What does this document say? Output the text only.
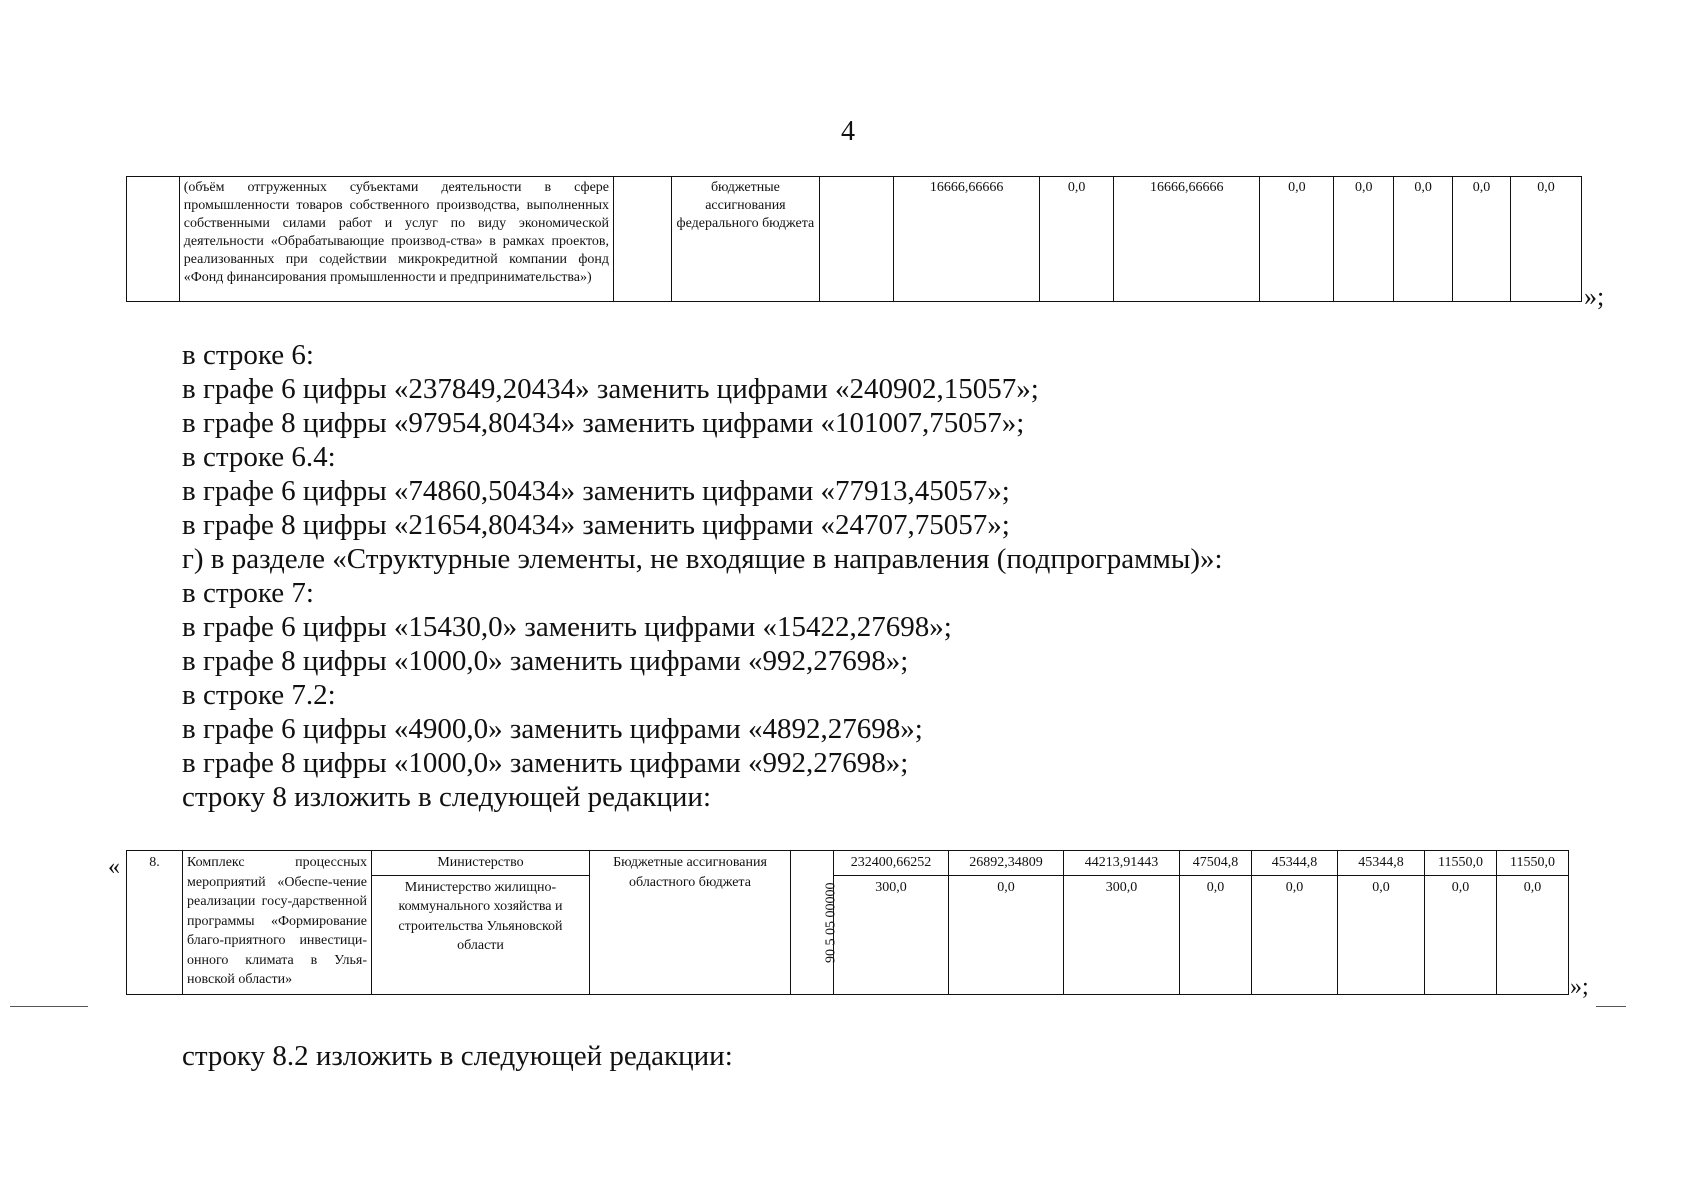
4
	(объём отгруженных субъектами деятельности в сфере промышленности товаров собственного производства, выполненных собственными силами работ и услуг по виду экономической деятельности «Обрабатывающие производ-ства» в рамках проектов, реализованных при содействии микрокредитной компании фонд «Фонд финансирования промышленности и предпринимательства»)		бюджетные ассигнования федерального бюджета		16666,66666	0,0	16666,66666	0,0	0,0	0,0	0,0	0,0
»;
в строке 6:
в графе 6 цифры «237849,20434» заменить цифрами «240902,15057»;
в графе 8 цифры «97954,80434» заменить цифрами «101007,75057»;
в строке 6.4:
в графе 6 цифры «74860,50434» заменить цифрами «77913,45057»;
в графе 8 цифры «21654,80434» заменить цифрами «24707,75057»;
г) в разделе «Структурные элементы, не входящие в направления (подпрограммы)»:
в строке 7:
в графе 6 цифры «15430,0» заменить цифрами «15422,27698»;
в графе 8 цифры «1000,0» заменить цифрами «992,27698»;
в строке 7.2:
в графе 6 цифры «4900,0» заменить цифрами «4892,27698»;
в графе 8 цифры «1000,0» заменить цифрами «992,27698»;
строку 8 изложить в следующей редакции:
« 8.	Комплекс процессных мероприятий «Обеспе-чение реализации госу-дарственной программы «Формирование благо-приятного инвестици-онного климата в Улья-новской области»	Министерство	Бюджетные ассигнования областного бюджета	90 5 05 00000	232400,66252	26892,34809	44213,91443	47504,8	45344,8	45344,8	11550,0	11550,0
		Министерство жилищно-коммунального хозяйства и строительства Ульяновской области			300,0	0,0	300,0	0,0	0,0	0,0	0,0	0,0
»;
строку 8.2 изложить в следующей редакции:
